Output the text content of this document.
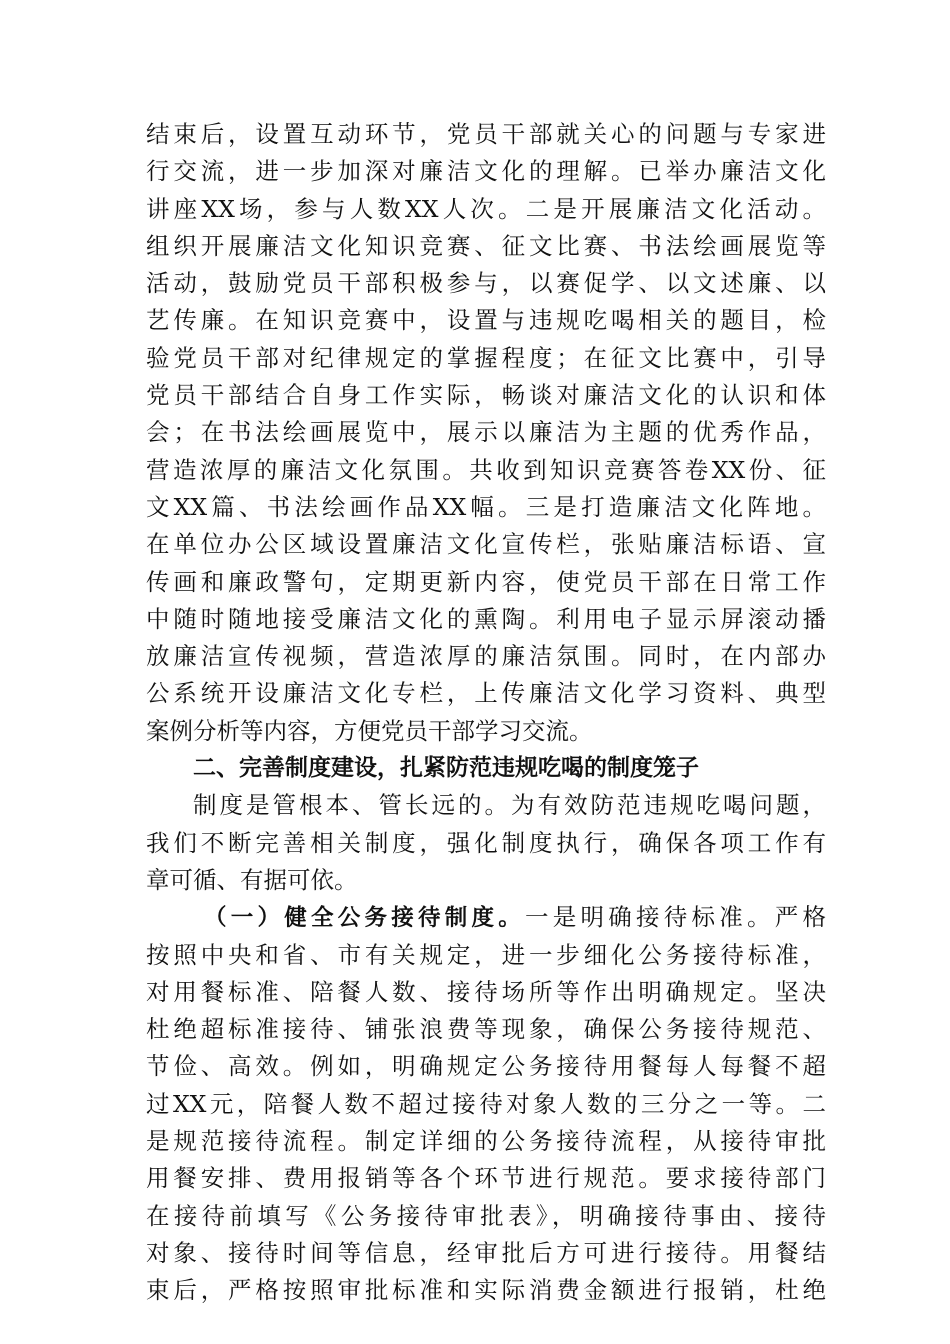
结束后，设置互动环节，党员干部就关心的问题与专家进
行交流，进一步加深对廉洁文化的理解。已举办廉洁文化
讲座XX场，参与人数XX人次。二是开展廉洁文化活动。
组织开展廉洁文化知识竞赛、征文比赛、书法绘画展览等
活动，鼓励党员干部积极参与，以赛促学、以文述廉、以
艺传廉。在知识竞赛中，设置与违规吃喝相关的题目，检
验党员干部对纪律规定的掌握程度；在征文比赛中，引导
党员干部结合自身工作实际，畅谈对廉洁文化的认识和体
会；在书法绘画展览中，展示以廉洁为主题的优秀作品，
营造浓厚的廉洁文化氛围。共收到知识竞赛答卷XX份、征
文XX篇、书法绘画作品XX幅。三是打造廉洁文化阵地。
在单位办公区域设置廉洁文化宣传栏，张贴廉洁标语、宣
传画和廉政警句，定期更新内容，使党员干部在日常工作
中随时随地接受廉洁文化的熏陶。利用电子显示屏滚动播
放廉洁宣传视频，营造浓厚的廉洁氛围。同时，在内部办
公系统开设廉洁文化专栏，上传廉洁文化学习资料、典型
案例分析等内容，方便党员干部学习交流。
二、完善制度建设，扎紧防范违规吃喝的制度笼子
制度是管根本、管长远的。为有效防范违规吃喝问题，
我们不断完善相关制度，强化制度执行，确保各项工作有
章可循、有据可依。
（一）健全公务接待制度。一是明确接待标准。严格
按照中央和省、市有关规定，进一步细化公务接待标准，
对用餐标准、陪餐人数、接待场所等作出明确规定。坚决
杜绝超标准接待、铺张浪费等现象，确保公务接待规范、
节俭、高效。例如，明确规定公务接待用餐每人每餐不超
过XX元，陪餐人数不超过接待对象人数的三分之一等。二
是规范接待流程。制定详细的公务接待流程，从接待审批
用餐安排、费用报销等各个环节进行规范。要求接待部门
在接待前填写《公务接待审批表》，明确接待事由、接待
对象、接待时间等信息，经审批后方可进行接待。用餐结
束后，严格按照审批标准和实际消费金额进行报销，杜绝
